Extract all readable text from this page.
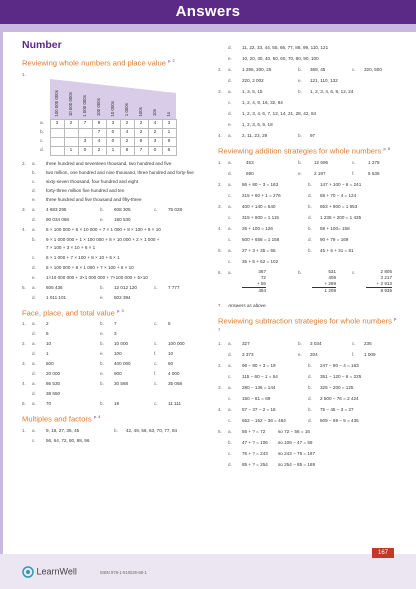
Answers
Number
Reviewing whole numbers and place value $^{p. 2}$
1.
100 000 000s	10 000 000s	1 000 000s	100 000s	10 000s	1 000s	100s	10s	1s
a.	3	2	7	9	3	2	2	4	3
b.				7	0	4	2	2	1
c.			3	4	0	2	6	3	9
d.		1	0	2	1	8	7	0	6
2. a. three hundred and seventeen thousand, two hundred and five
b. two million, one hundred and nine thousand, three hundred and forty-five
c. sixty-seven thousand, four hundred and eight
d. forty-three million five hundred and ten
e. three hundred and five thousand and fifty-three
3. a. 4 683 295	b. 608 305	c. 75 028
d. 90 034 068	e. 180 530
4. a. 5 × 100 000 + 6 × 10 000 + 7 × 1 000 + 8 × 100 + 9 × 10
b. 9 × 1 000 000 + 1 × 100 000 + 8 × 10 000 + 2 × 1 000 +
7 × 100 + 3 × 10 + 6 × 1
c. 6 × 1 000 + 7 × 100 + 8 × 10 + 6 × 1
d. 5 × 100 000 + 8 × 1 000 + 7 × 100 + 6 × 10
e. 1×10 000 000 + 3×1 000 000 + 7×100 000 + 5×10
5. a. 605 436	b. 12 012 120	c. 7 777
d. 1 011 101	e. 502 394
Face, place, and total value $^{p. 3}$
1. a. 2	b. 7	c. 5
d. 5	e. 3
2. a. 10	b. 10 000	c. 100 000
d. 1	e. 100	f. 10
3. a. 500	b. 400 000	c. 60
d. 20 000	e. 900	f. 4 000
4. a. 86 530	b. 30 568	c. 35 068
d. 38 650
5. a. 70	b. 19	c. 11 111
Multiples and factors $^{p. 4}$
1. a. 9, 18, 27, 36, 45	b. 42, 49, 56, 63, 70, 77, 84
c. 56, 64, 72, 80, 88, 96
d. 11, 22, 33, 44, 55, 66, 77, 88, 99, 110, 121
e. 10, 20, 30, 40, 50, 60, 70, 80, 90, 100
2. a. 1 295, 300, 25	b. 369, 45	c. 320, 500
d. 220, 2 002	e. 121, 110, 132
3. a. 1, 3, 5, 15	b. 1, 2, 3, 4, 6, 8, 12, 24
c. 1, 2, 4, 8, 16, 32, 64
d. 1, 2, 3, 4, 6, 7, 12, 14, 21, 28, 42, 84
e. 1, 2, 3, 6, 9, 18
4. a. 2, 11, 23, 29	b. 97
Reviewing addition strategies for whole numbers $^{p. 5}$
1. a.	453	b.	12 695	c.	1 278
d.	690	e.	2 197	f.	5 535
2. a. 86 + 80 − 3 = 163	b. 147 + 100 − 6 = 241
c. 215 + 60 + 1 = 276	d. 58 + 70 − 4 = 124
3. a. 400 + 140 = 540	b. 653 + 900 = 1 553
c. 315 + 800 = 1 115	d. 1 235 + 200 = 1 435
4. a. 26 + 100 = 126	b. 58 + 100= 158
c. 500 + 658 = 1 158	d. 90 + 79 = 169
5. a. 27 + 3 + 35 = 65	b. 45 + 5 + 31 = 81
c. 35 + 5 + 62 = 102
6. a.	367
72
+ 55
494
b.	531
408
+ 269
1 208
c.	2 805
3 217
+ 2 913
8 935
7. Answers as above.
Reviewing subtraction strategies for whole numbers $^{p. 7}$
1. a. 327	b. 3 034	c. 235
d. 3 373	e. 204	f. 1 009
2. a. 96 − 80 + 3 = 19	b. 247 − 80 − 4 = 163
c. 115 − 60 − 1 = 54	d. 351 − 120 − 6 = 225
3. a. 280 − 136 = 144	b. 325 − 200 = 125
c. 150 − 81 = 69	d. 2 500 − 76 = 2 424
4. a. 57 − 37 − 2 = 18	b. 75 − 45 − 3 = 27
c. 652 − 152 − 36 = 464	d. 509 − 69 − 5 = 435
5. a. 56 + ? = 72	so 72 − 56 = 16
b. 47 + ? = 106 so 106 − 47 = 59
c. 76 + ? = 243 so 243 − 76 = 167
d. 85 + ? = 254 so 254 − 85 = 169
167
LearnWell	ISBN 978-1-910026-88-1
